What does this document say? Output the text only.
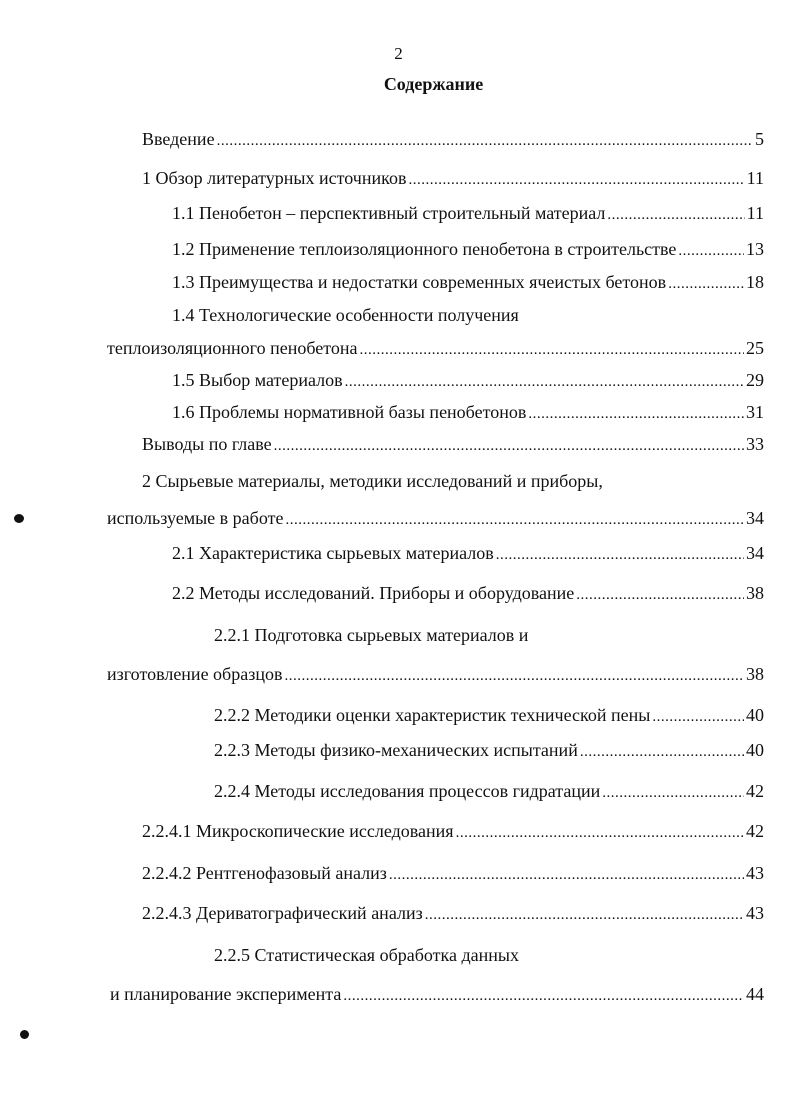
2
Содержание
Введение .....	5
1 Обзор литературных источников .....	11
1.1 Пенобетон – перспективный строительный материал .....	11
1.2 Применение теплоизоляционного пенобетона в строительстве .....	13
1.3 Преимущества и недостатки современных ячеистых бетонов .....	18
1.4 Технологические особенности получения
теплоизоляционного пенобетона .....	25
1.5 Выбор материалов .....	29
1.6 Проблемы нормативной базы пенобетонов .....	31
Выводы по главе .....	33
2 Сырьевые материалы, методики исследований и приборы,
используемые в работе .....	34
2.1 Характеристика сырьевых материалов .....	34
2.2 Методы исследований. Приборы и оборудование .....	38
2.2.1 Подготовка сырьевых материалов и
изготовление образцов .....	38
2.2.2 Методики оценки характеристик технической пены .....	40
2.2.3 Методы физико-механических испытаний .....	40
2.2.4 Методы исследования процессов гидратации .....	42
2.2.4.1 Микроскопические исследования .....	42
2.2.4.2 Рентгенофазовый анализ .....	43
2.2.4.3 Дериватографический анализ .....	43
2.2.5 Статистическая обработка данных
и планирование эксперимента .....	44
